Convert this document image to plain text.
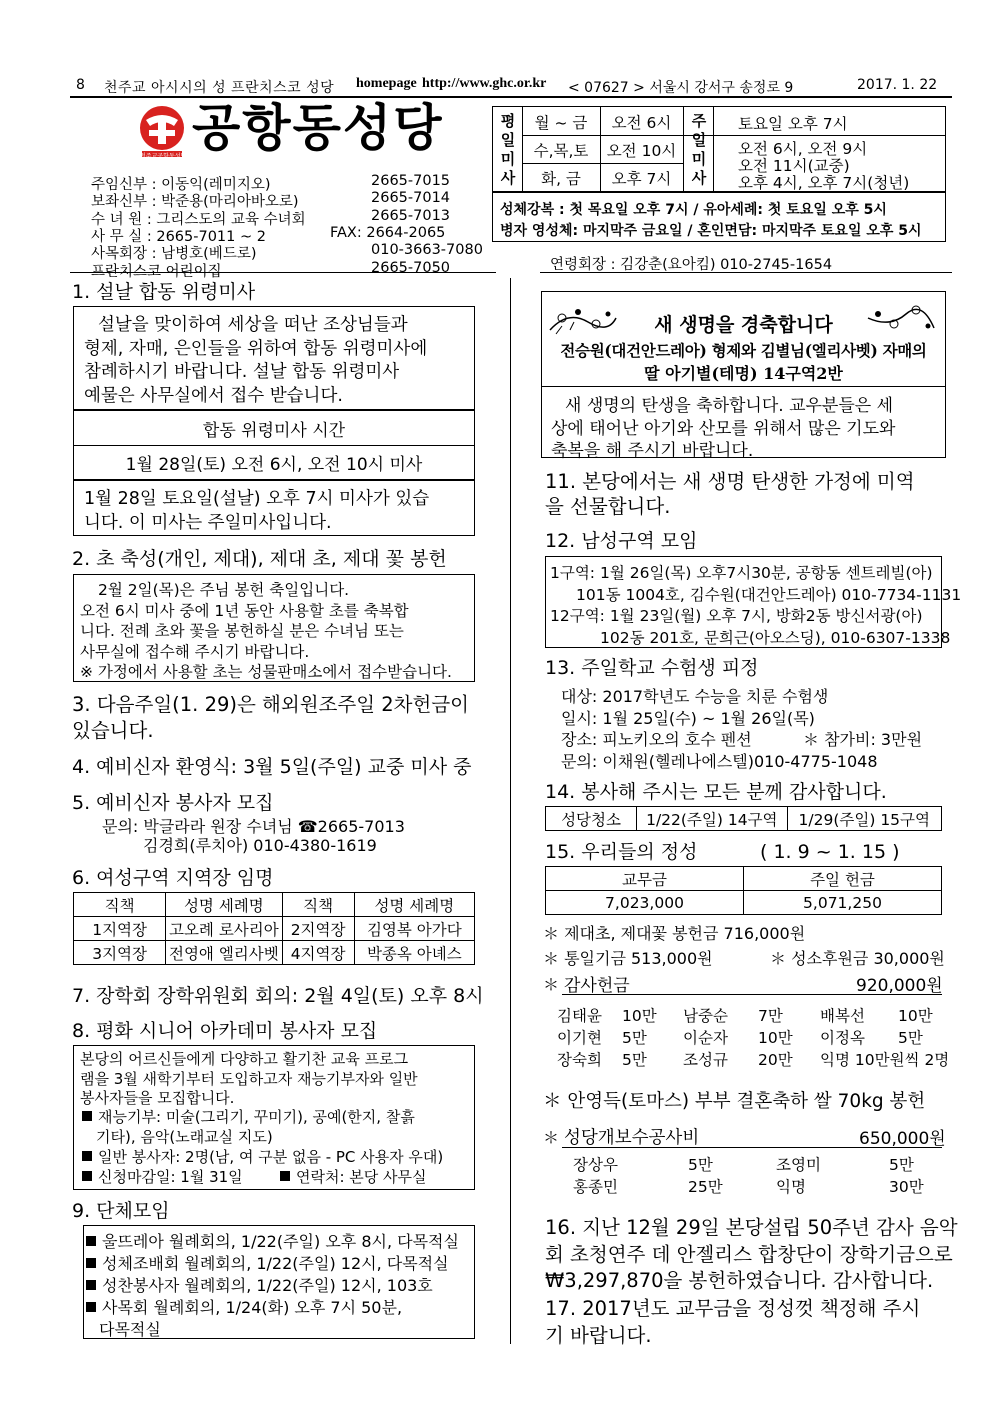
8 천주교 아시시의 성 프란치스코 성당 homepage http://www.ghc.or.kr < 07627 > 서울시 강서구 송정로 9	2017. 1. 22
천주교공항동성당 공항동성당
주임신부 : 이동익(레미지오)	2665-7015
보좌신부 : 박준용(마리아바오로)	2665-7014
수 녀 원 : 그리스도의 교육 수녀회	2665-7013
사 무 실 : 2665-7011 ~ 2	FAX: 2664-2065
사목회장 : 남병호(베드로)	010-3663-7080
프란치스코 어린이집	2665-7050
평일미사
주일미사
월 ~ 금	오전 6시
수,목,토	오전 10시
화, 금	오후 7시
토요일 오후 7시
오전 6시, 오전 9시
오전 11시(교중)
오후 4시, 오후 7시(청년)
성체강복 : 첫 목요일 오후 7시 / 유아세례: 첫 토요일 오후 5시
병자 영성체: 마지막주 금요일 / 혼인면담: 마지막주 토요일 오후 5시
연령회장 : 김강춘(요아킴) 010-2745-1654
1. 설날 합동 위령미사
설날을 맞이하여 세상을 떠난 조상님들과
형제, 자매, 은인들을 위하여 합동 위령미사에
참례하시기 바랍니다. 설날 합동 위령미사
예물은 사무실에서 접수 받습니다.
합동 위령미사 시간
1월 28일(토) 오전 6시, 오전 10시 미사
1월 28일 토요일(설날) 오후 7시 미사가 있습
니다. 이 미사는 주일미사입니다.
2. 초 축성(개인, 제대), 제대 초, 제대 꽃 봉헌
2월 2일(목)은 주님 봉헌 축일입니다.
오전 6시 미사 중에 1년 동안 사용할 초를 축복합
니다. 전례 초와 꽃을 봉헌하실 분은 수녀님 또는
사무실에 접수해 주시기 바랍니다.
※ 가정에서 사용할 초는 성물판매소에서 접수받습니다.
3. 다음주일(1. 29)은 해외원조주일 2차헌금이
있습니다.
4. 예비신자 환영식: 3월 5일(주일) 교중 미사 중
5. 예비신자 봉사자 모집
문의: 박글라라 원장 수녀님 ☎2665-7013
김경희(루치아) 010-4380-1619
6. 여성구역 지역장 임명
직책	성명 세례명	직책	성명 세례명
1지역장	고오례 로사리아	2지역장	김영복 아가다
3지역장	전영애 엘리사벳	4지역장	박종옥 아녜스
7. 장학회 장학위원회 회의: 2월 4일(토) 오후 8시
8. 평화 시니어 아카데미 봉사자 모집
본당의 어르신들에게 다양하고 활기찬 교육 프로그
램을 3월 새학기부터 도입하고자 재능기부자와 일반
봉사자들을 모집합니다.
재능기부: 미술(그리기, 꾸미기), 공예(한지, 찰흙
기타), 음악(노래교실 지도)
일반 봉사자: 2명(남, 여 구분 없음 - PC 사용자 우대)
신청마감일: 1월 31일	연락처: 본당 사무실
9. 단체모임
울뜨레아 월례회의, 1/22(주일) 오후 8시, 다목적실
성체조배회 월례회의, 1/22(주일) 12시, 다목적실
성찬봉사자 월례회의, 1/22(주일) 12시, 103호
사목회 월례회의, 1/24(화) 오후 7시 50분,
다목적실
새 생명을 경축합니다
전승원(대건안드레아) 형제와 김별님(엘리사벳) 자매의
딸 아기별(테명) 14구역2반
새 생명의 탄생을 축하합니다. 교우분들은 세
상에 태어난 아기와 산모를 위해서 많은 기도와
축복을 해 주시기 바랍니다.
11. 본당에서는 새 생명 탄생한 가정에 미역
을 선물합니다.
12. 남성구역 모임
1구역: 1월 26일(목) 오후7시30분, 공항동 센트레빌(아)
101동 1004호, 김수원(대건안드레아) 010-7734-1131
12구역: 1월 23일(월) 오후 7시, 방화2동 방신서광(아)
102동 201호, 문희근(아오스딩), 010-6307-1338
13. 주일학교 수험생 피정
대상: 2017학년도 수능을 치룬 수험생
일시: 1월 25일(수) ~ 1월 26일(목)
장소: 피노키오의 호수 펜션
문의: 이채원(헬레나에스텔)010-4775-1048
＊ 참가비: 3만원
14. 봉사해 주시는 모든 분께 감사합니다.
성당청소	1/22(주일) 14구역	1/29(주일) 15구역
15. 우리들의 정성	( 1. 9 ~ 1. 15 )
교무금	주일 헌금
7,023,000	5,071,250
＊ 제대초, 제대꽃 봉헌금 716,000원
＊ 통일기금 513,000원	＊ 성소후원금 30,000원
＊ 감사헌금	920,000원
김태윤 10만 남중순 7만 배복선 10만
이기현 5만 이순자 10만 이정옥 5만
장숙희 5만 조성규 20만 익명 10만원씩 2명
＊ 안영득(토마스) 부부 결혼축하 쌀 70kg 봉헌
＊ 성당개보수공사비	650,000원
장상우	5만	조영미	5만
홍종민	25만	익명	30만
16. 지난 12월 29일 본당설립 50주년 감사 음악
회 초청연주 데 안젤리스 합창단이 장학기금으로
₩3,297,870을 봉헌하였습니다. 감사합니다.
17. 2017년도 교무금을 정성껏 책정해 주시
기 바랍니다.
